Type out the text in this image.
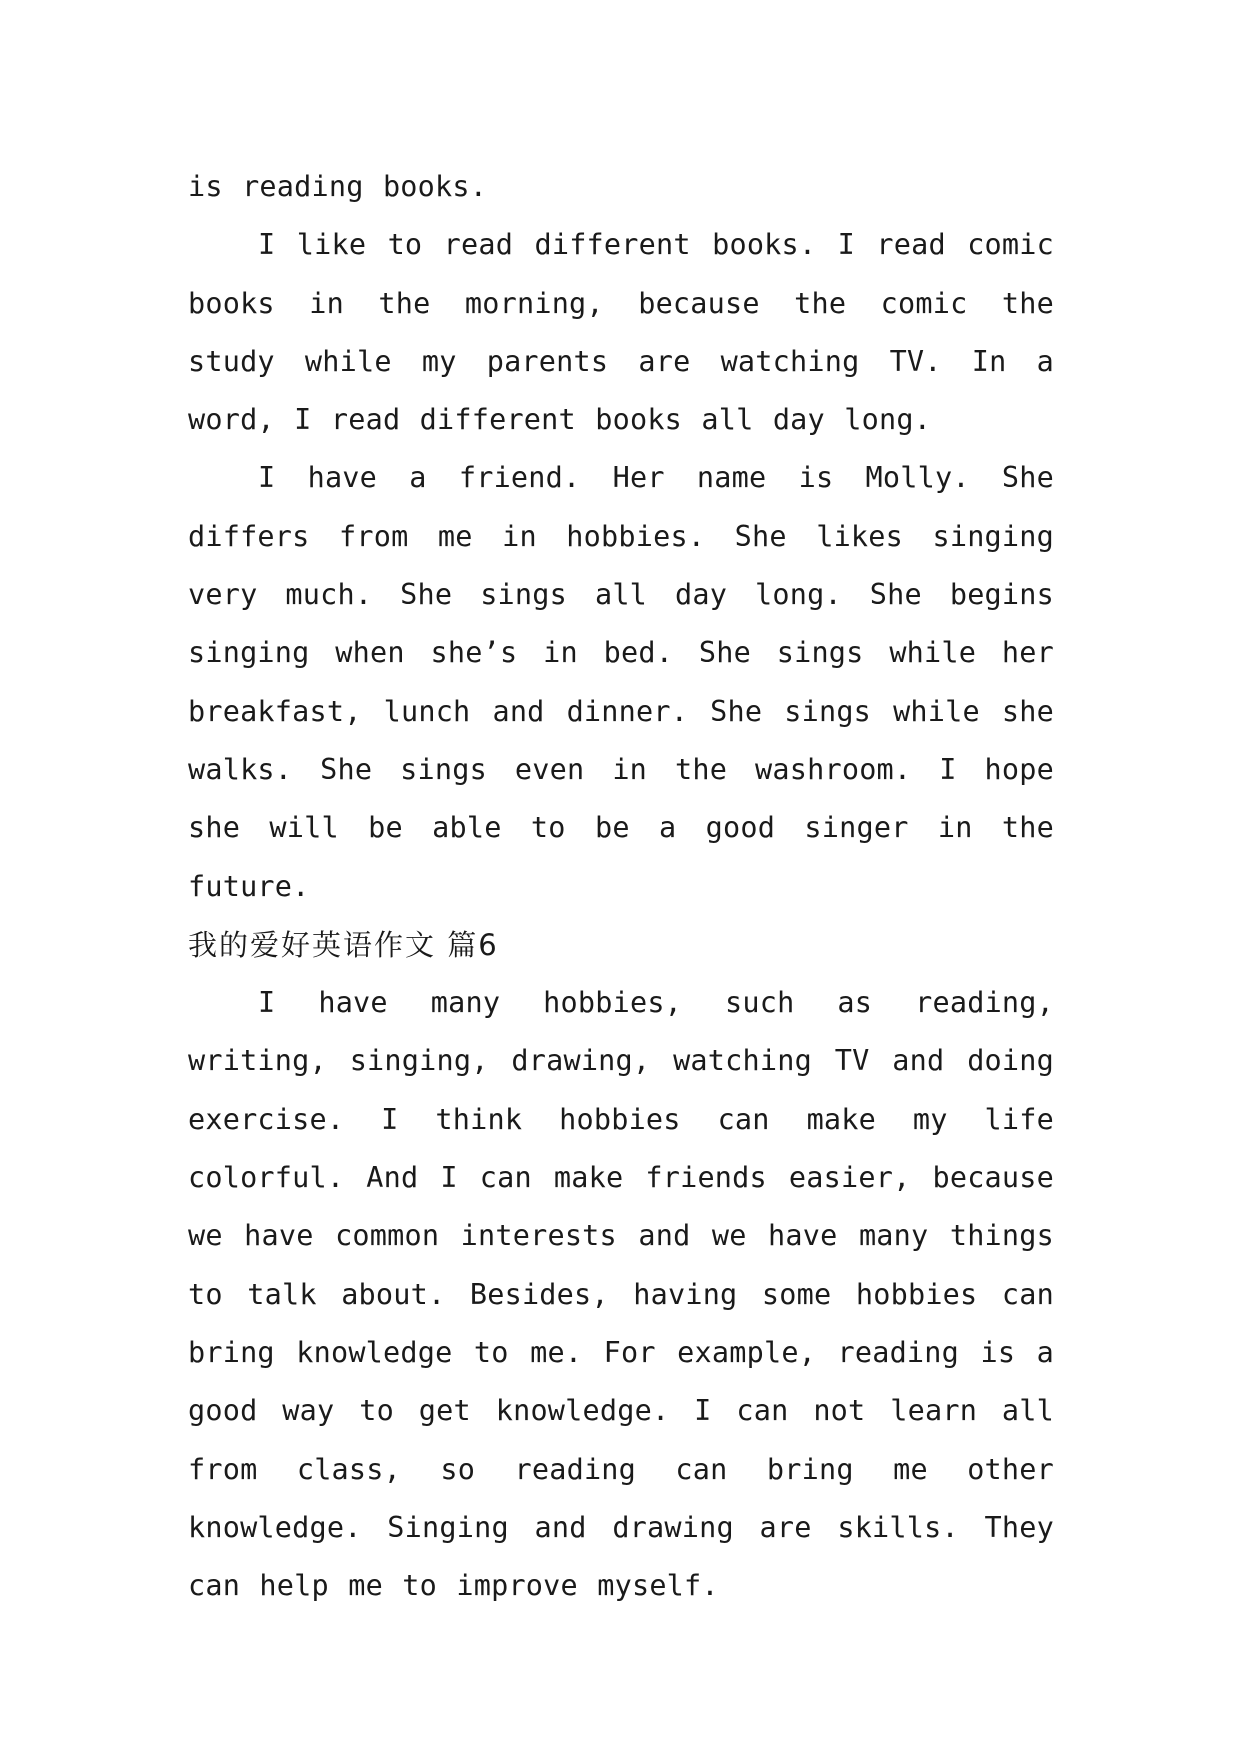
is reading books.

I like to read different books. I read comic books in the morning, because the comic the study while my parents are watching TV. In a word, I read different books all day long.

I have a friend. Her name is Molly. She differs from me in hobbies. She likes singing very much. She sings all day long. She begins singing when she’s in bed. She sings while her breakfast, lunch and dinner. She sings while she walks. She sings even in the washroom. I hope she will be able to be a good singer in the future.

我的爱好英语作文 篇6

I have many hobbies, such as reading, writing, singing, drawing, watching TV and doing exercise. I think hobbies can make my life colorful. And I can make friends easier, because we have common interests and we have many things to talk about. Besides, having some hobbies can bring knowledge to me. For example, reading is a good way to get knowledge. I can not learn all from class, so reading can bring me other knowledge. Singing and drawing are skills. They can help me to improve myself.
